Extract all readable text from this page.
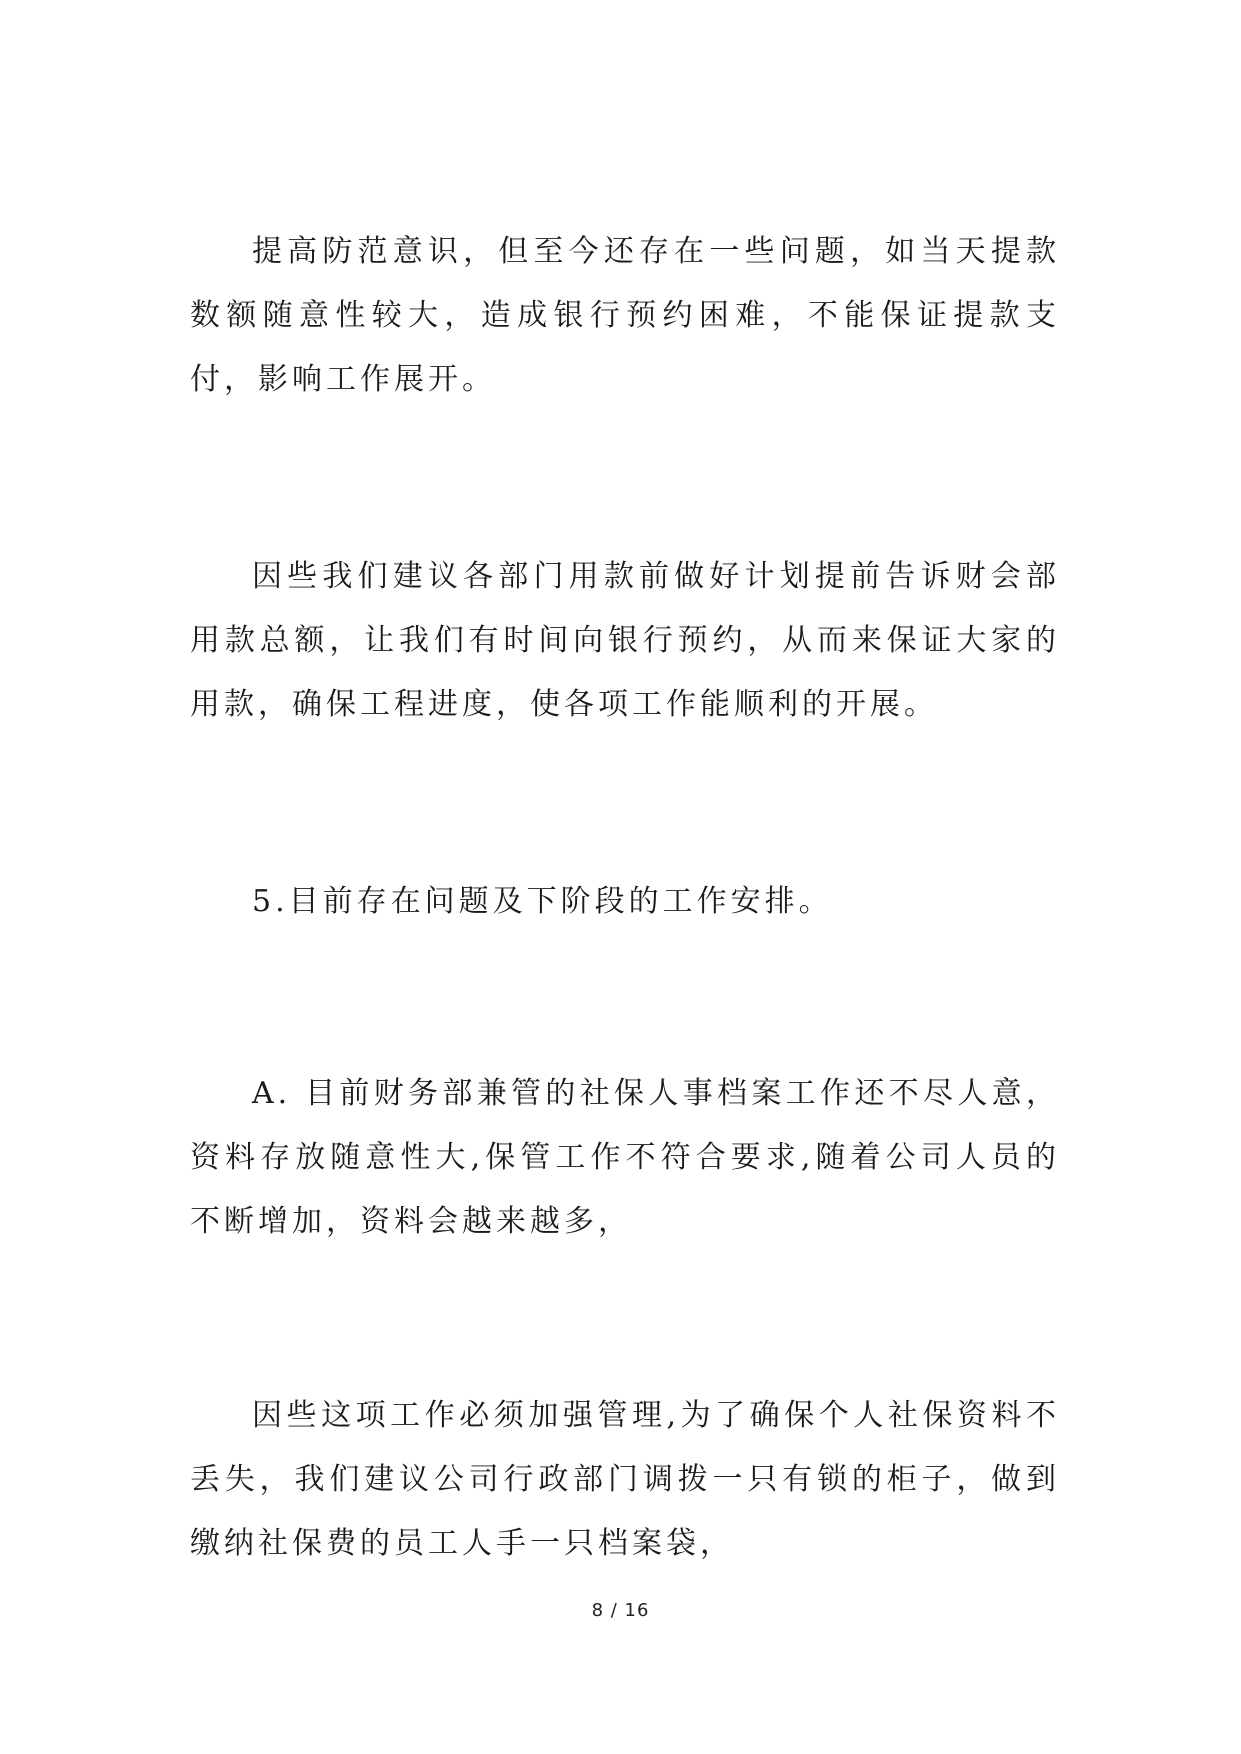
提高防范意识，但至今还存在一些问题，如当天提款数额随意性较大，造成银行预约困难，不能保证提款支付，影响工作展开。

因些我们建议各部门用款前做好计划提前告诉财会部用款总额，让我们有时间向银行预约，从而来保证大家的用款，确保工程进度，使各项工作能顺利的开展。

5.目前存在问题及下阶段的工作安排。

A. 目前财务部兼管的社保人事档案工作还不尽人意，资料存放随意性大,保管工作不符合要求,随着公司人员的不断增加，资料会越来越多，

因些这项工作必须加强管理,为了确保个人社保资料不丢失，我们建议公司行政部门调拨一只有锁的柜子，做到缴纳社保费的员工人手一只档案袋，

8 / 16
